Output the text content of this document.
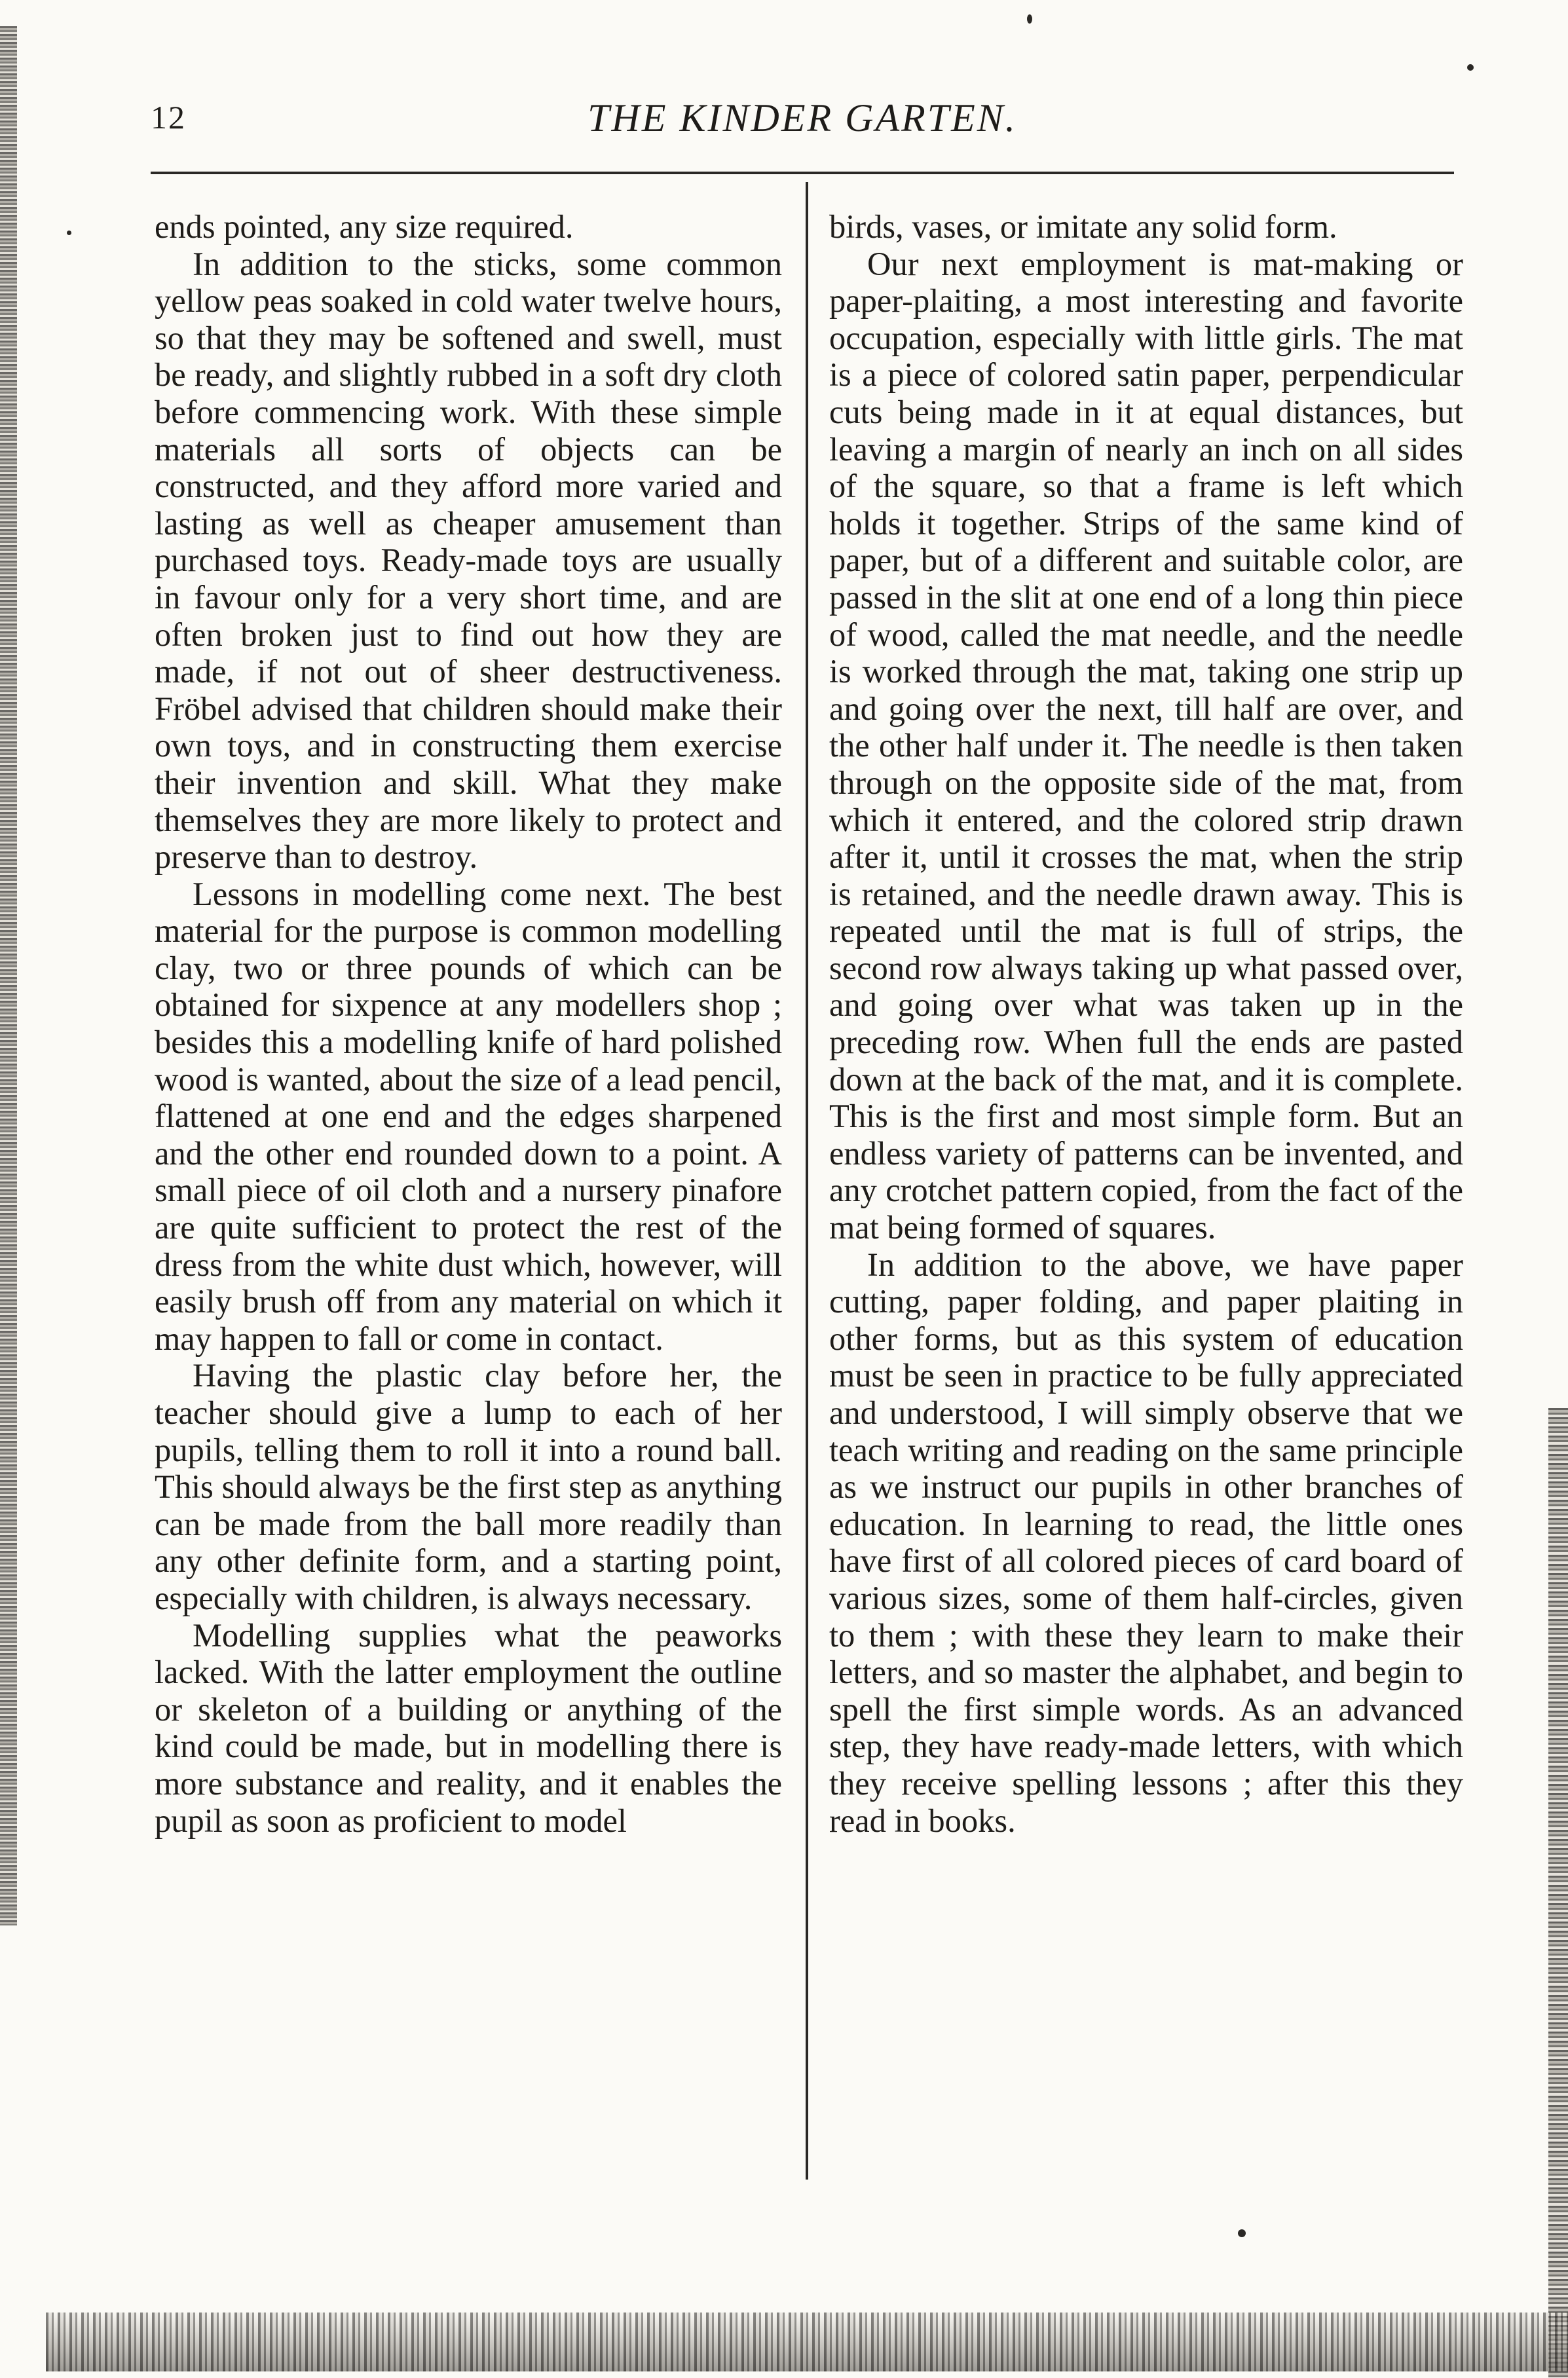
12	THE KINDER GARTEN.

ends pointed, any size required.

In addition to the sticks, some common yellow peas soaked in cold water twelve hours, so that they may be softened and swell, must be ready, and slightly rubbed in a soft dry cloth before commencing work. With these simple materials all sorts of objects can be constructed, and they afford more varied and lasting as well as cheaper amusement than purchased toys. Ready-made toys are usually in favour only for a very short time, and are often broken just to find out how they are made, if not out of sheer destructiveness. Fröbel advised that children should make their own toys, and in constructing them exercise their invention and skill. What they make themselves they are more likely to protect and preserve than to destroy.

Lessons in modelling come next. The best material for the purpose is common modelling clay, two or three pounds of which can be obtained for sixpence at any modellers shop ; besides this a modelling knife of hard polished wood is wanted, about the size of a lead pencil, flattened at one end and the edges sharpened and the other end rounded down to a point. A small piece of oil cloth and a nursery pinafore are quite sufficient to protect the rest of the dress from the white dust which, however, will easily brush off from any material on which it may happen to fall or come in contact.

Having the plastic clay before her, the teacher should give a lump to each of her pupils, telling them to roll it into a round ball. This should always be the first step as anything can be made from the ball more readily than any other definite form, and a starting point, especially with children, is always necessary.

Modelling supplies what the peaworks lacked. With the latter employment the outline or skeleton of a building or anything of the kind could be made, but in modelling there is more substance and reality, and it enables the pupil as soon as proficient to model

birds, vases, or imitate any solid form.

Our next employment is mat-making or paper-plaiting, a most interesting and favorite occupation, especially with little girls. The mat is a piece of colored satin paper, perpendicular cuts being made in it at equal distances, but leaving a margin of nearly an inch on all sides of the square, so that a frame is left which holds it together. Strips of the same kind of paper, but of a different and suitable color, are passed in the slit at one end of a long thin piece of wood, called the mat needle, and the needle is worked through the mat, taking one strip up and going over the next, till half are over, and the other half under it. The needle is then taken through on the opposite side of the mat, from which it entered, and the colored strip drawn after it, until it crosses the mat, when the strip is retained, and the needle drawn away. This is repeated until the mat is full of strips, the second row always taking up what passed over, and going over what was taken up in the preceding row. When full the ends are pasted down at the back of the mat, and it is complete. This is the first and most simple form. But an endless variety of patterns can be invented, and any crotchet pattern copied, from the fact of the mat being formed of squares.

In addition to the above, we have paper cutting, paper folding, and paper plaiting in other forms, but as this system of education must be seen in practice to be fully appreciated and understood, I will simply observe that we teach writing and reading on the same principle as we instruct our pupils in other branches of education. In learning to read, the little ones have first of all colored pieces of card board of various sizes, some of them half-circles, given to them ; with these they learn to make their letters, and so master the alphabet, and begin to spell the first simple words. As an advanced step, they have ready-made letters, with which they receive spelling lessons ; after this they read in books.
